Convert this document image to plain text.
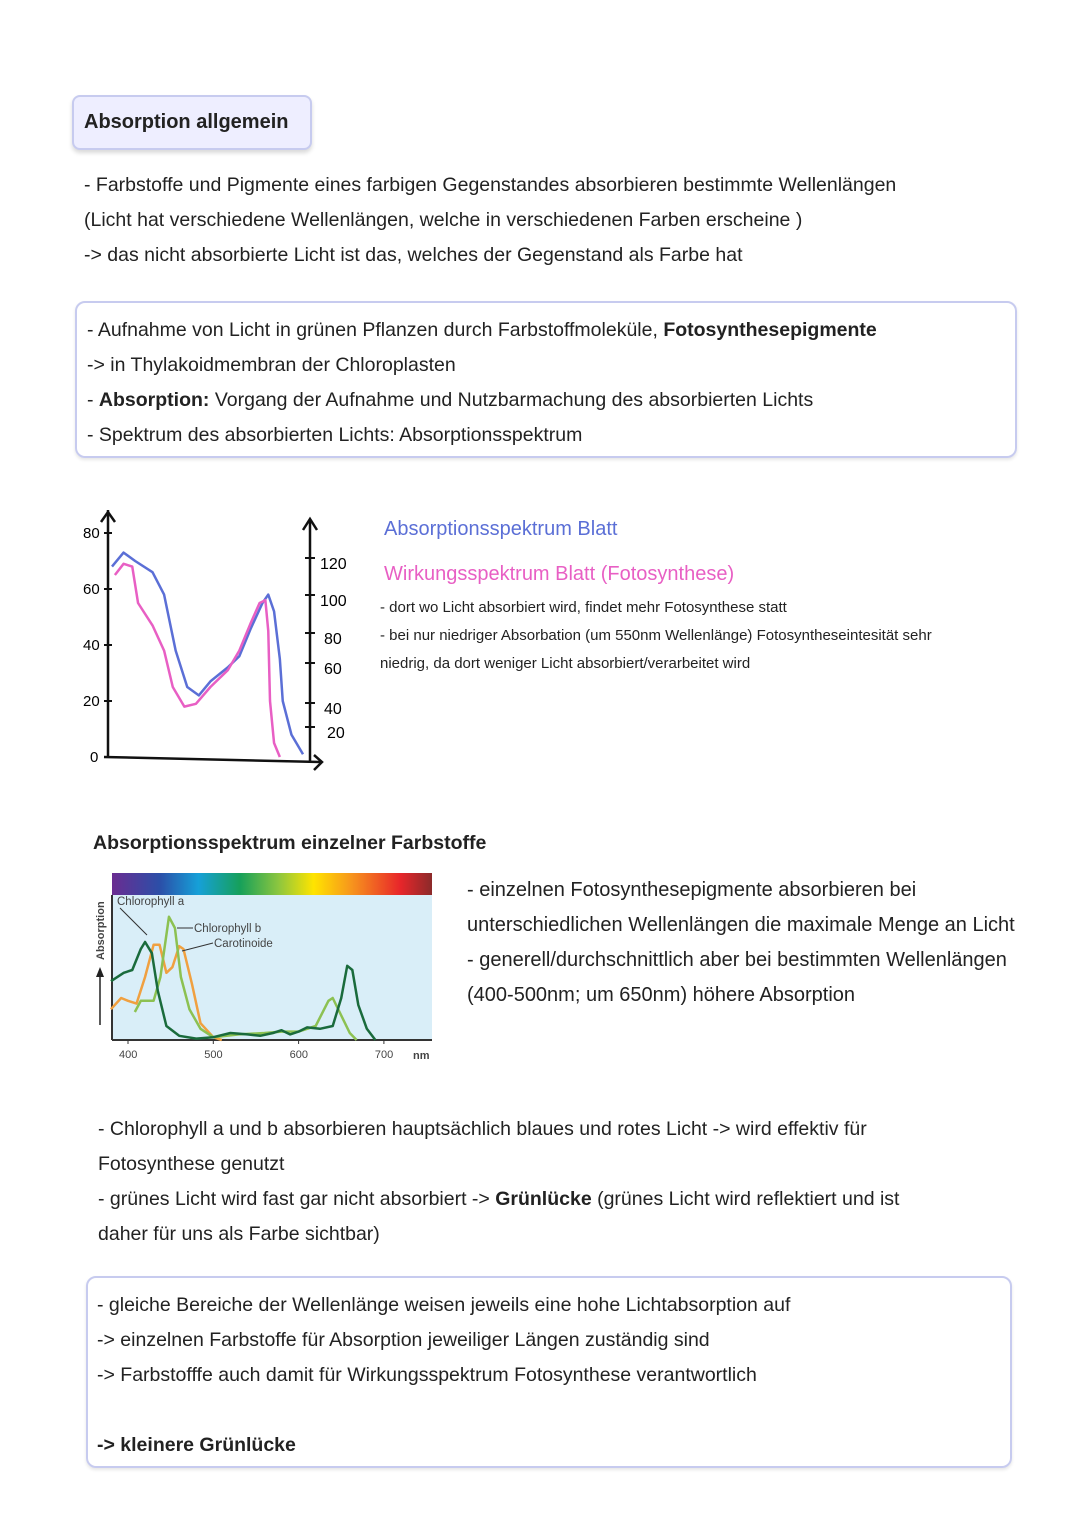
Absorption allgemein
- Farbstoffe und Pigmente eines farbigen Gegenstandes absorbieren bestimmte Wellenlängen
(Licht hat verschiedene Wellenlängen, welche in verschiedenen Farben erscheine )
-> das nicht absorbierte Licht ist das, welches der Gegenstand als Farbe hat
- Aufnahme von Licht in grünen Pflanzen durch Farbstoffmoleküle, Fotosynthesepigmente
-> in Thylakoidmembran der Chloroplasten
- Absorption: Vorgang der Aufnahme und Nutzbarmachung des absorbierten Lichts
- Spektrum des absorbierten Lichts: Absorptionsspektrum
0
20
40
60
80
20
40
60
80
100
120
Absorptionsspektrum Blatt
Wirkungsspektrum Blatt (Fotosynthese)
- dort wo Licht absorbiert wird, findet mehr Fotosynthese statt
- bei nur niedriger Absorbation (um 550nm Wellenlänge) Fotosyntheseintesität sehr
niedrig, da dort weniger Licht absorbiert/verarbeitet wird
Absorptionsspektrum einzelner Farbstoffe
Absorption
nm
400	500	600	700
Chlorophyll a
Chlorophyll b
Carotinoide
- einzelnen Fotosynthesepigmente absorbieren bei
unterschiedlichen Wellenlängen die maximale Menge an Licht
- generell/durchschnittlich aber bei bestimmten Wellenlängen
(400-500nm; um 650nm) höhere Absorption
- Chlorophyll a und b absorbieren hauptsächlich blaues und rotes Licht -> wird effektiv für
Fotosynthese genutzt
- grünes Licht wird fast gar nicht absorbiert -> Grünlücke (grünes Licht wird reflektiert und ist
daher für uns als Farbe sichtbar)
- gleiche Bereiche der Wellenlänge weisen jeweils eine hohe Lichtabsorption auf
-> einzelnen Farbstoffe für Absorption jeweiliger Längen zuständig sind
-> Farbstofffe auch damit für Wirkungsspektrum Fotosynthese verantwortlich
-> kleinere Grünlücke
